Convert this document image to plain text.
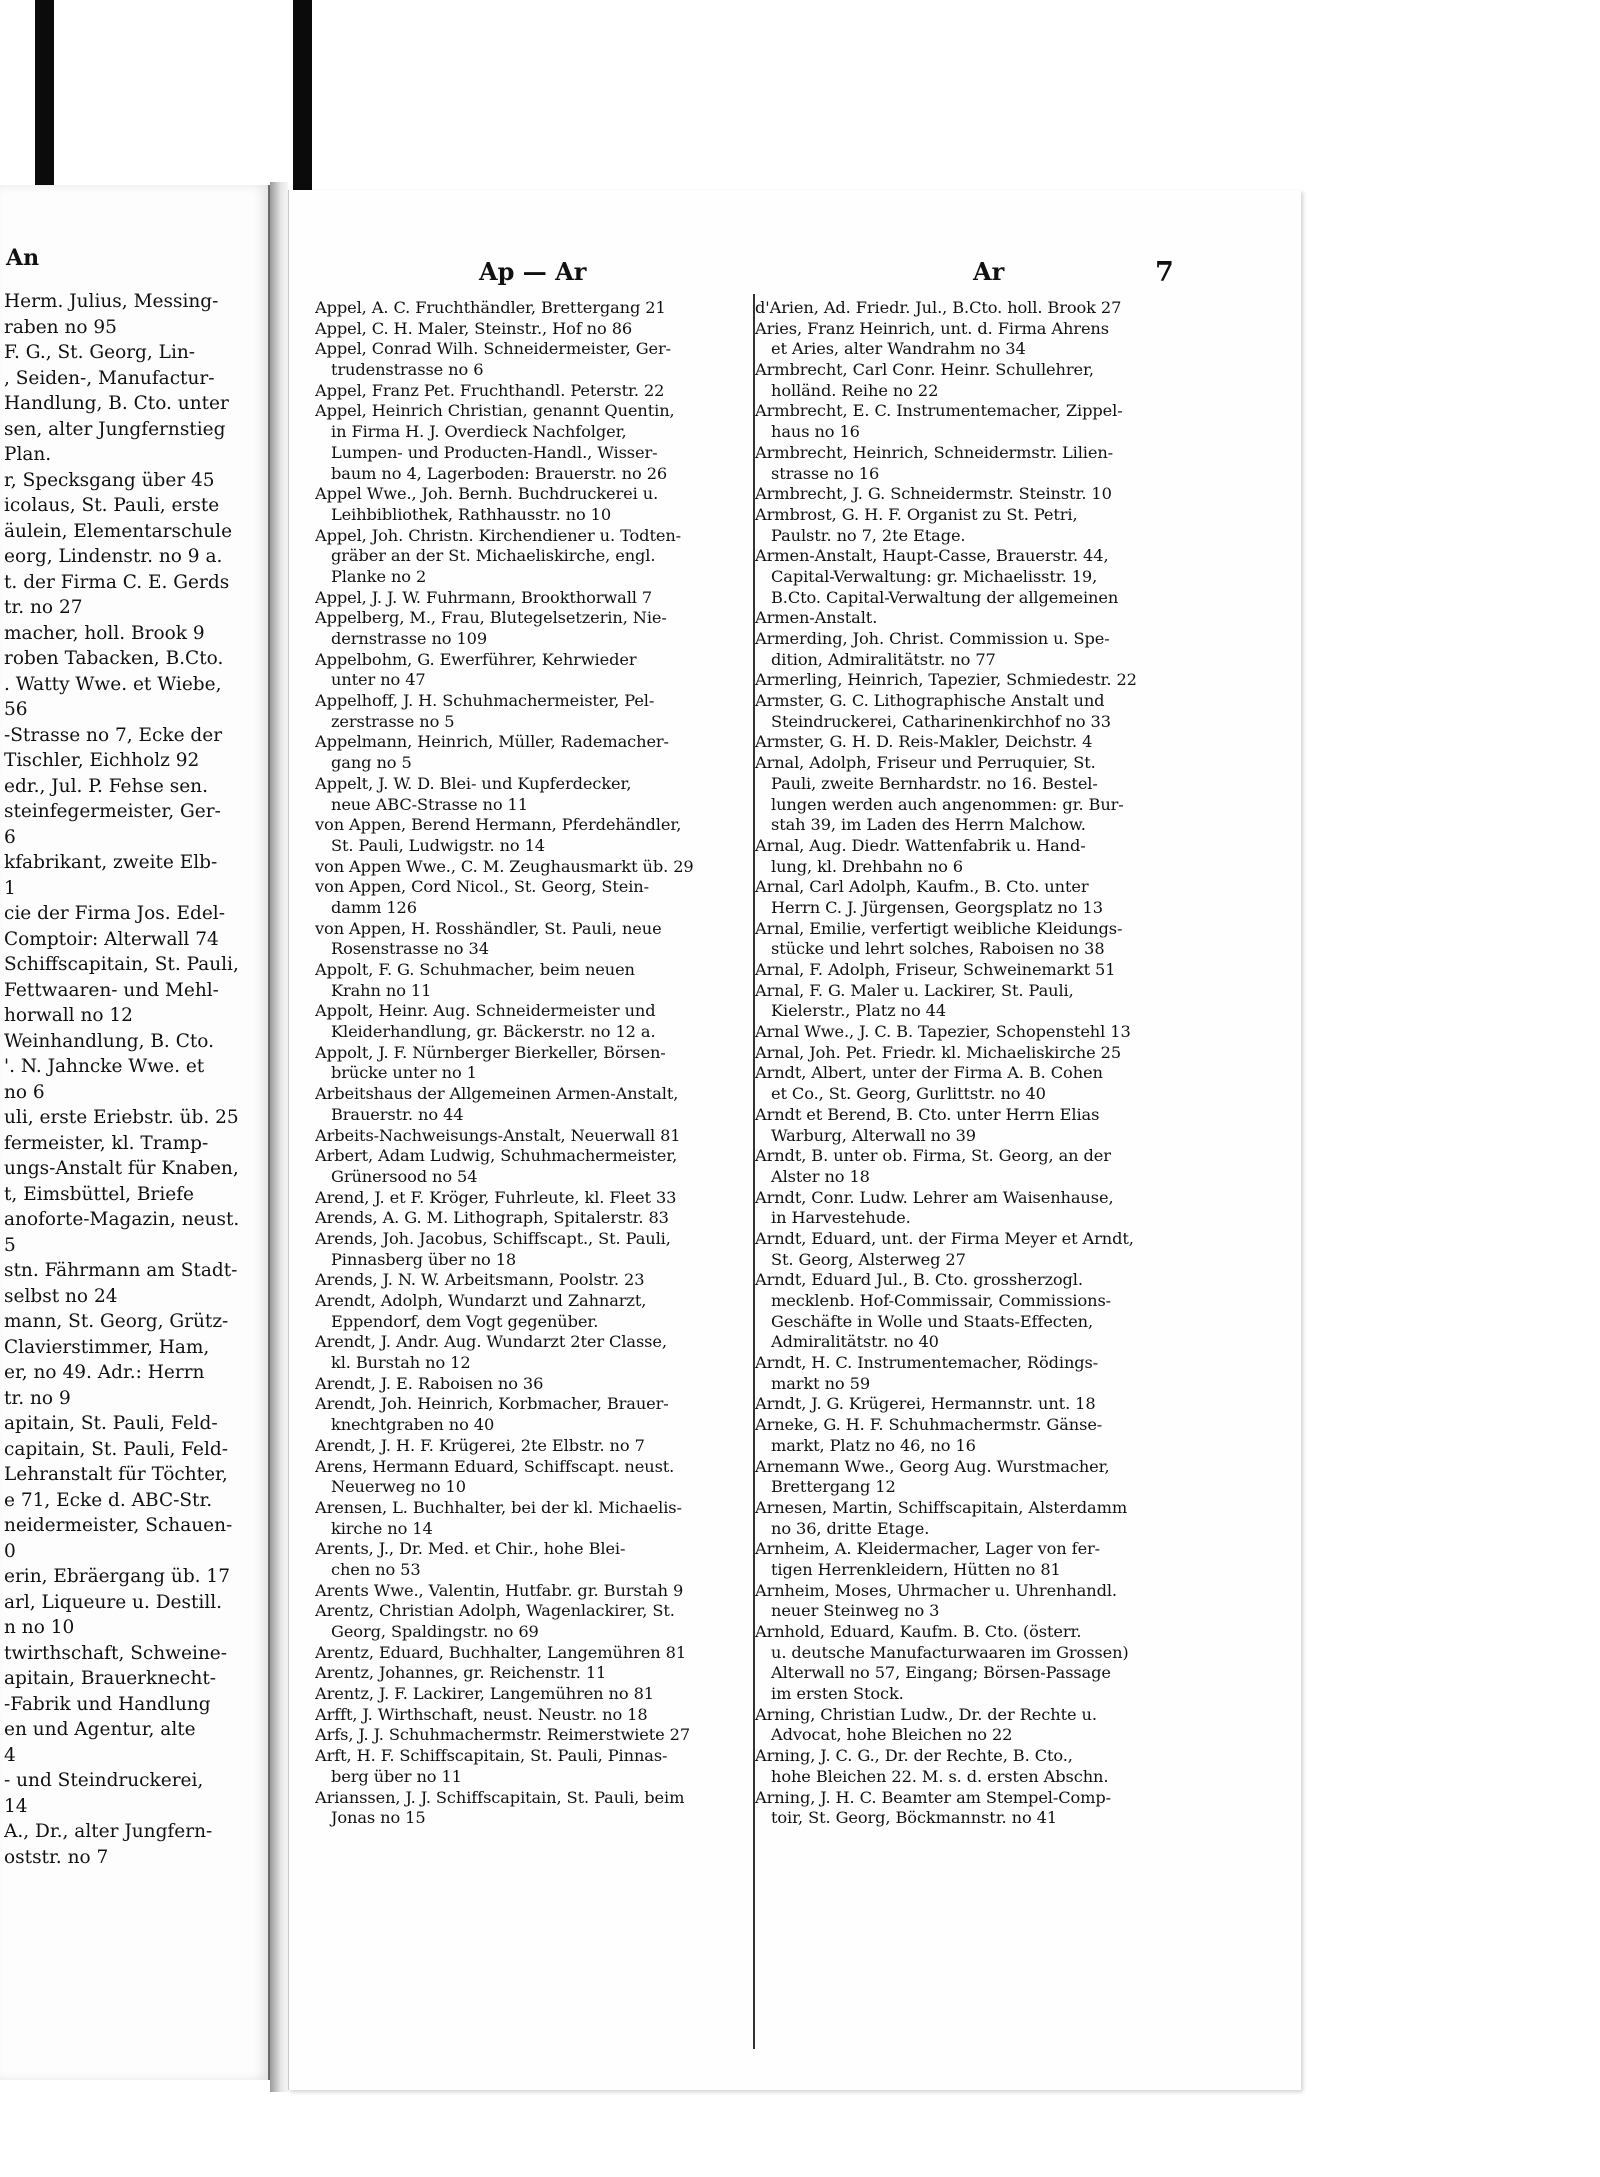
An
Herm. Julius, Messing-
raben no 95
F. G., St. Georg, Lin-
, Seiden-, Manufactur-
Handlung, B. Cto. unter
sen, alter Jungfernstieg
Plan.
r, Specksgang über 45
icolaus, St. Pauli, erste
äulein, Elementarschule
eorg, Lindenstr. no 9 a.
t. der Firma C. E. Gerds
tr. no 27
macher, holl. Brook 9
roben Tabacken, B.Cto.
. Watty Wwe. et Wiebe,
56
-Strasse no 7, Ecke der
Tischler, Eichholz 92
edr., Jul. P. Fehse sen.
steinfegermeister, Ger-
6
kfabrikant, zweite Elb-
1
cie der Firma Jos. Edel-
Comptoir: Alterwall 74
Schiffscapitain, St. Pauli,
Fettwaaren- und Mehl-
horwall no 12
Weinhandlung, B. Cto.
'. N. Jahncke Wwe. et
no 6
uli, erste Eriebstr. üb. 25
fermeister, kl. Tramp-
ungs-Anstalt für Knaben,
t, Eimsbüttel, Briefe
anoforte-Magazin, neust.
5
stn. Fährmann am Stadt-
selbst no 24
mann, St. Georg, Grütz-
Clavierstimmer, Ham,
er, no 49. Adr.: Herrn
tr. no 9
apitain, St. Pauli, Feld-
capitain, St. Pauli, Feld-
Lehranstalt für Töchter,
e 71, Ecke d. ABC-Str.
neidermeister, Schauen-
0
erin, Ebräergang üb. 17
arl, Liqueure u. Destill.
n no 10
twirthschaft, Schweine-
apitain, Brauerknecht-
-Fabrik und Handlung
en und Agentur, alte
4
- und Steindruckerei,
14
A., Dr., alter Jungfern-
oststr. no 7
Ap — Ar	Ar	7
Appel, A. C. Fruchthändler, Brettergang 21
Appel, C. H. Maler, Steinstr., Hof no 86
Appel, Conrad Wilh. Schneidermeister, Ger-
trudenstrasse no 6
Appel, Franz Pet. Fruchthandl. Peterstr. 22
Appel, Heinrich Christian, genannt Quentin,
in Firma H. J. Overdieck Nachfolger,
Lumpen- und Producten-Handl., Wisser-
baum no 4, Lagerboden: Brauerstr. no 26
Appel Wwe., Joh. Bernh. Buchdruckerei u.
Leihbibliothek, Rathhausstr. no 10
Appel, Joh. Christn. Kirchendiener u. Todten-
gräber an der St. Michaeliskirche, engl.
Planke no 2
Appel, J. J. W. Fuhrmann, Brookthorwall 7
Appelberg, M., Frau, Blutegelsetzerin, Nie-
dernstrasse no 109
Appelbohm, G. Ewerführer, Kehrwieder
unter no 47
Appelhoff, J. H. Schuhmachermeister, Pel-
zerstrasse no 5
Appelmann, Heinrich, Müller, Rademacher-
gang no 5
Appelt, J. W. D. Blei- und Kupferdecker,
neue ABC-Strasse no 11
von Appen, Berend Hermann, Pferdehändler,
St. Pauli, Ludwigstr. no 14
von Appen Wwe., C. M. Zeughausmarkt üb. 29
von Appen, Cord Nicol., St. Georg, Stein-
damm 126
von Appen, H. Rosshändler, St. Pauli, neue
Rosenstrasse no 34
Appolt, F. G. Schuhmacher, beim neuen
Krahn no 11
Appolt, Heinr. Aug. Schneidermeister und
Kleiderhandlung, gr. Bäckerstr. no 12 a.
Appolt, J. F. Nürnberger Bierkeller, Börsen-
brücke unter no 1
Arbeitshaus der Allgemeinen Armen-Anstalt,
Brauerstr. no 44
Arbeits-Nachweisungs-Anstalt, Neuerwall 81
Arbert, Adam Ludwig, Schuhmachermeister,
Grünersood no 54
Arend, J. et F. Kröger, Fuhrleute, kl. Fleet 33
Arends, A. G. M. Lithograph, Spitalerstr. 83
Arends, Joh. Jacobus, Schiffscapt., St. Pauli,
Pinnasberg über no 18
Arends, J. N. W. Arbeitsmann, Poolstr. 23
Arendt, Adolph, Wundarzt und Zahnarzt,
Eppendorf, dem Vogt gegenüber.
Arendt, J. Andr. Aug. Wundarzt 2ter Classe,
kl. Burstah no 12
Arendt, J. E. Raboisen no 36
Arendt, Joh. Heinrich, Korbmacher, Brauer-
knechtgraben no 40
Arendt, J. H. F. Krügerei, 2te Elbstr. no 7
Arens, Hermann Eduard, Schiffscapt. neust.
Neuerweg no 10
Arensen, L. Buchhalter, bei der kl. Michaelis-
kirche no 14
Arents, J., Dr. Med. et Chir., hohe Blei-
chen no 53
Arents Wwe., Valentin, Hutfabr. gr. Burstah 9
Arentz, Christian Adolph, Wagenlackirer, St.
Georg, Spaldingstr. no 69
Arentz, Eduard, Buchhalter, Langemühren 81
Arentz, Johannes, gr. Reichenstr. 11
Arentz, J. F. Lackirer, Langemühren no 81
Arfft, J. Wirthschaft, neust. Neustr. no 18
Arfs, J. J. Schuhmachermstr. Reimerstwiete 27
Arft, H. F. Schiffscapitain, St. Pauli, Pinnas-
berg über no 11
Arianssen, J. J. Schiffscapitain, St. Pauli, beim
Jonas no 15
d'Arien, Ad. Friedr. Jul., B.Cto. holl. Brook 27
Aries, Franz Heinrich, unt. d. Firma Ahrens
et Aries, alter Wandrahm no 34
Armbrecht, Carl Conr. Heinr. Schullehrer,
holländ. Reihe no 22
Armbrecht, E. C. Instrumentemacher, Zippel-
haus no 16
Armbrecht, Heinrich, Schneidermstr. Lilien-
strasse no 16
Armbrecht, J. G. Schneidermstr. Steinstr. 10
Armbrost, G. H. F. Organist zu St. Petri,
Paulstr. no 7, 2te Etage.
Armen-Anstalt, Haupt-Casse, Brauerstr. 44,
Capital-Verwaltung: gr. Michaelisstr. 19,
B.Cto. Capital-Verwaltung der allgemeinen
Armen-Anstalt.
Armerding, Joh. Christ. Commission u. Spe-
dition, Admiralitätstr. no 77
Armerling, Heinrich, Tapezier, Schmiedestr. 22
Armster, G. C. Lithographische Anstalt und
Steindruckerei, Catharinenkirchhof no 33
Armster, G. H. D. Reis-Makler, Deichstr. 4
Arnal, Adolph, Friseur und Perruquier, St.
Pauli, zweite Bernhardstr. no 16. Bestel-
lungen werden auch angenommen: gr. Bur-
stah 39, im Laden des Herrn Malchow.
Arnal, Aug. Diedr. Wattenfabrik u. Hand-
lung, kl. Drehbahn no 6
Arnal, Carl Adolph, Kaufm., B. Cto. unter
Herrn C. J. Jürgensen, Georgsplatz no 13
Arnal, Emilie, verfertigt weibliche Kleidungs-
stücke und lehrt solches, Raboisen no 38
Arnal, F. Adolph, Friseur, Schweinemarkt 51
Arnal, F. G. Maler u. Lackirer, St. Pauli,
Kielerstr., Platz no 44
Arnal Wwe., J. C. B. Tapezier, Schopenstehl 13
Arnal, Joh. Pet. Friedr. kl. Michaeliskirche 25
Arndt, Albert, unter der Firma A. B. Cohen
et Co., St. Georg, Gurlittstr. no 40
Arndt et Berend, B. Cto. unter Herrn Elias
Warburg, Alterwall no 39
Arndt, B. unter ob. Firma, St. Georg, an der
Alster no 18
Arndt, Conr. Ludw. Lehrer am Waisenhause,
in Harvestehude.
Arndt, Eduard, unt. der Firma Meyer et Arndt,
St. Georg, Alsterweg 27
Arndt, Eduard Jul., B. Cto. grossherzogl.
mecklenb. Hof-Commissair, Commissions-
Geschäfte in Wolle und Staats-Effecten,
Admiralitätstr. no 40
Arndt, H. C. Instrumentemacher, Rödings-
markt no 59
Arndt, J. G. Krügerei, Hermannstr. unt. 18
Arneke, G. H. F. Schuhmachermstr. Gänse-
markt, Platz no 46, no 16
Arnemann Wwe., Georg Aug. Wurstmacher,
Brettergang 12
Arnesen, Martin, Schiffscapitain, Alsterdamm
no 36, dritte Etage.
Arnheim, A. Kleidermacher, Lager von fer-
tigen Herrenkleidern, Hütten no 81
Arnheim, Moses, Uhrmacher u. Uhrenhandl.
neuer Steinweg no 3
Arnhold, Eduard, Kaufm. B. Cto. (österr.
u. deutsche Manufacturwaaren im Grossen)
Alterwall no 57, Eingang; Börsen-Passage
im ersten Stock.
Arning, Christian Ludw., Dr. der Rechte u.
Advocat, hohe Bleichen no 22
Arning, J. C. G., Dr. der Rechte, B. Cto.,
hohe Bleichen 22. M. s. d. ersten Abschn.
Arning, J. H. C. Beamter am Stempel-Comp-
toir, St. Georg, Böckmannstr. no 41
